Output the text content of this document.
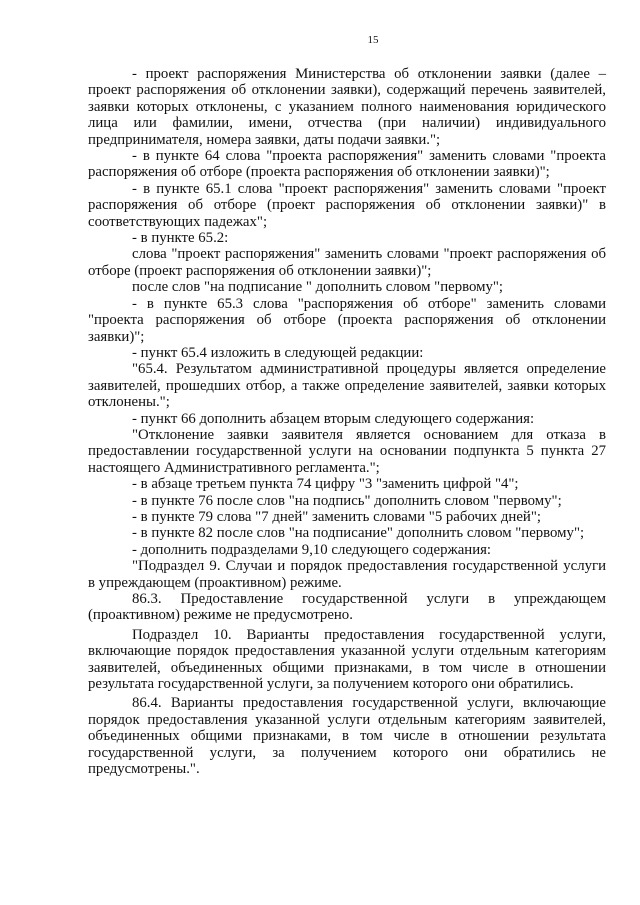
15

- проект распоряжения Министерства об отклонении заявки (далее – проект распоряжения об отклонении заявки), содержащий перечень заявителей, заявки которых отклонены, с указанием полного наименования юридического лица или фамилии, имени, отчества (при наличии) индивидуального предпринимателя, номера заявки, даты подачи заявки.";

- в пункте 64 слова "проекта распоряжения" заменить словами "проекта распоряжения об отборе (проекта распоряжения об отклонении заявки)";

- в пункте 65.1 слова "проект распоряжения" заменить словами "проект распоряжения об отборе (проект распоряжения об отклонении заявки)" в соответствующих падежах";

- в пункте 65.2:

слова "проект распоряжения" заменить словами "проект распоряжения об отборе (проект распоряжения об отклонении заявки)";

после слов "на подписание " дополнить словом "первому";

- в пункте 65.3 слова "распоряжения об отборе" заменить словами "проекта распоряжения об отборе (проекта распоряжения об отклонении заявки)";

- пункт 65.4 изложить в следующей редакции:

"65.4. Результатом административной процедуры является определение заявителей, прошедших отбор, а также определение заявителей, заявки которых отклонены.";

- пункт 66 дополнить абзацем вторым следующего содержания:

"Отклонение заявки заявителя является основанием для отказа в предоставлении государственной услуги на основании подпункта 5 пункта 27 настоящего Административного регламента.";

- в абзаце третьем пункта 74 цифру "3 "заменить цифрой "4";

- в пункте 76 после слов "на подпись" дополнить словом "первому";

- в пункте 79 слова "7 дней" заменить словами "5 рабочих дней";

- в пункте 82 после слов "на подписание" дополнить словом "первому";

- дополнить подразделами 9,10 следующего содержания:

"Подраздел 9. Случаи и порядок предоставления государственной услуги в упреждающем (проактивном) режиме.

86.3. Предоставление государственной услуги в упреждающем (проактивном) режиме не предусмотрено.

Подраздел 10. Варианты предоставления государственной услуги, включающие порядок предоставления указанной услуги отдельным категориям заявителей, объединенных общими признаками, в том числе в отношении результата государственной услуги, за получением которого они обратились.

86.4. Варианты предоставления государственной услуги, включающие порядок предоставления указанной услуги отдельным категориям заявителей, объединенных общими признаками, в том числе в отношении результата государственной услуги, за получением которого они обратились не предусмотрены.".
